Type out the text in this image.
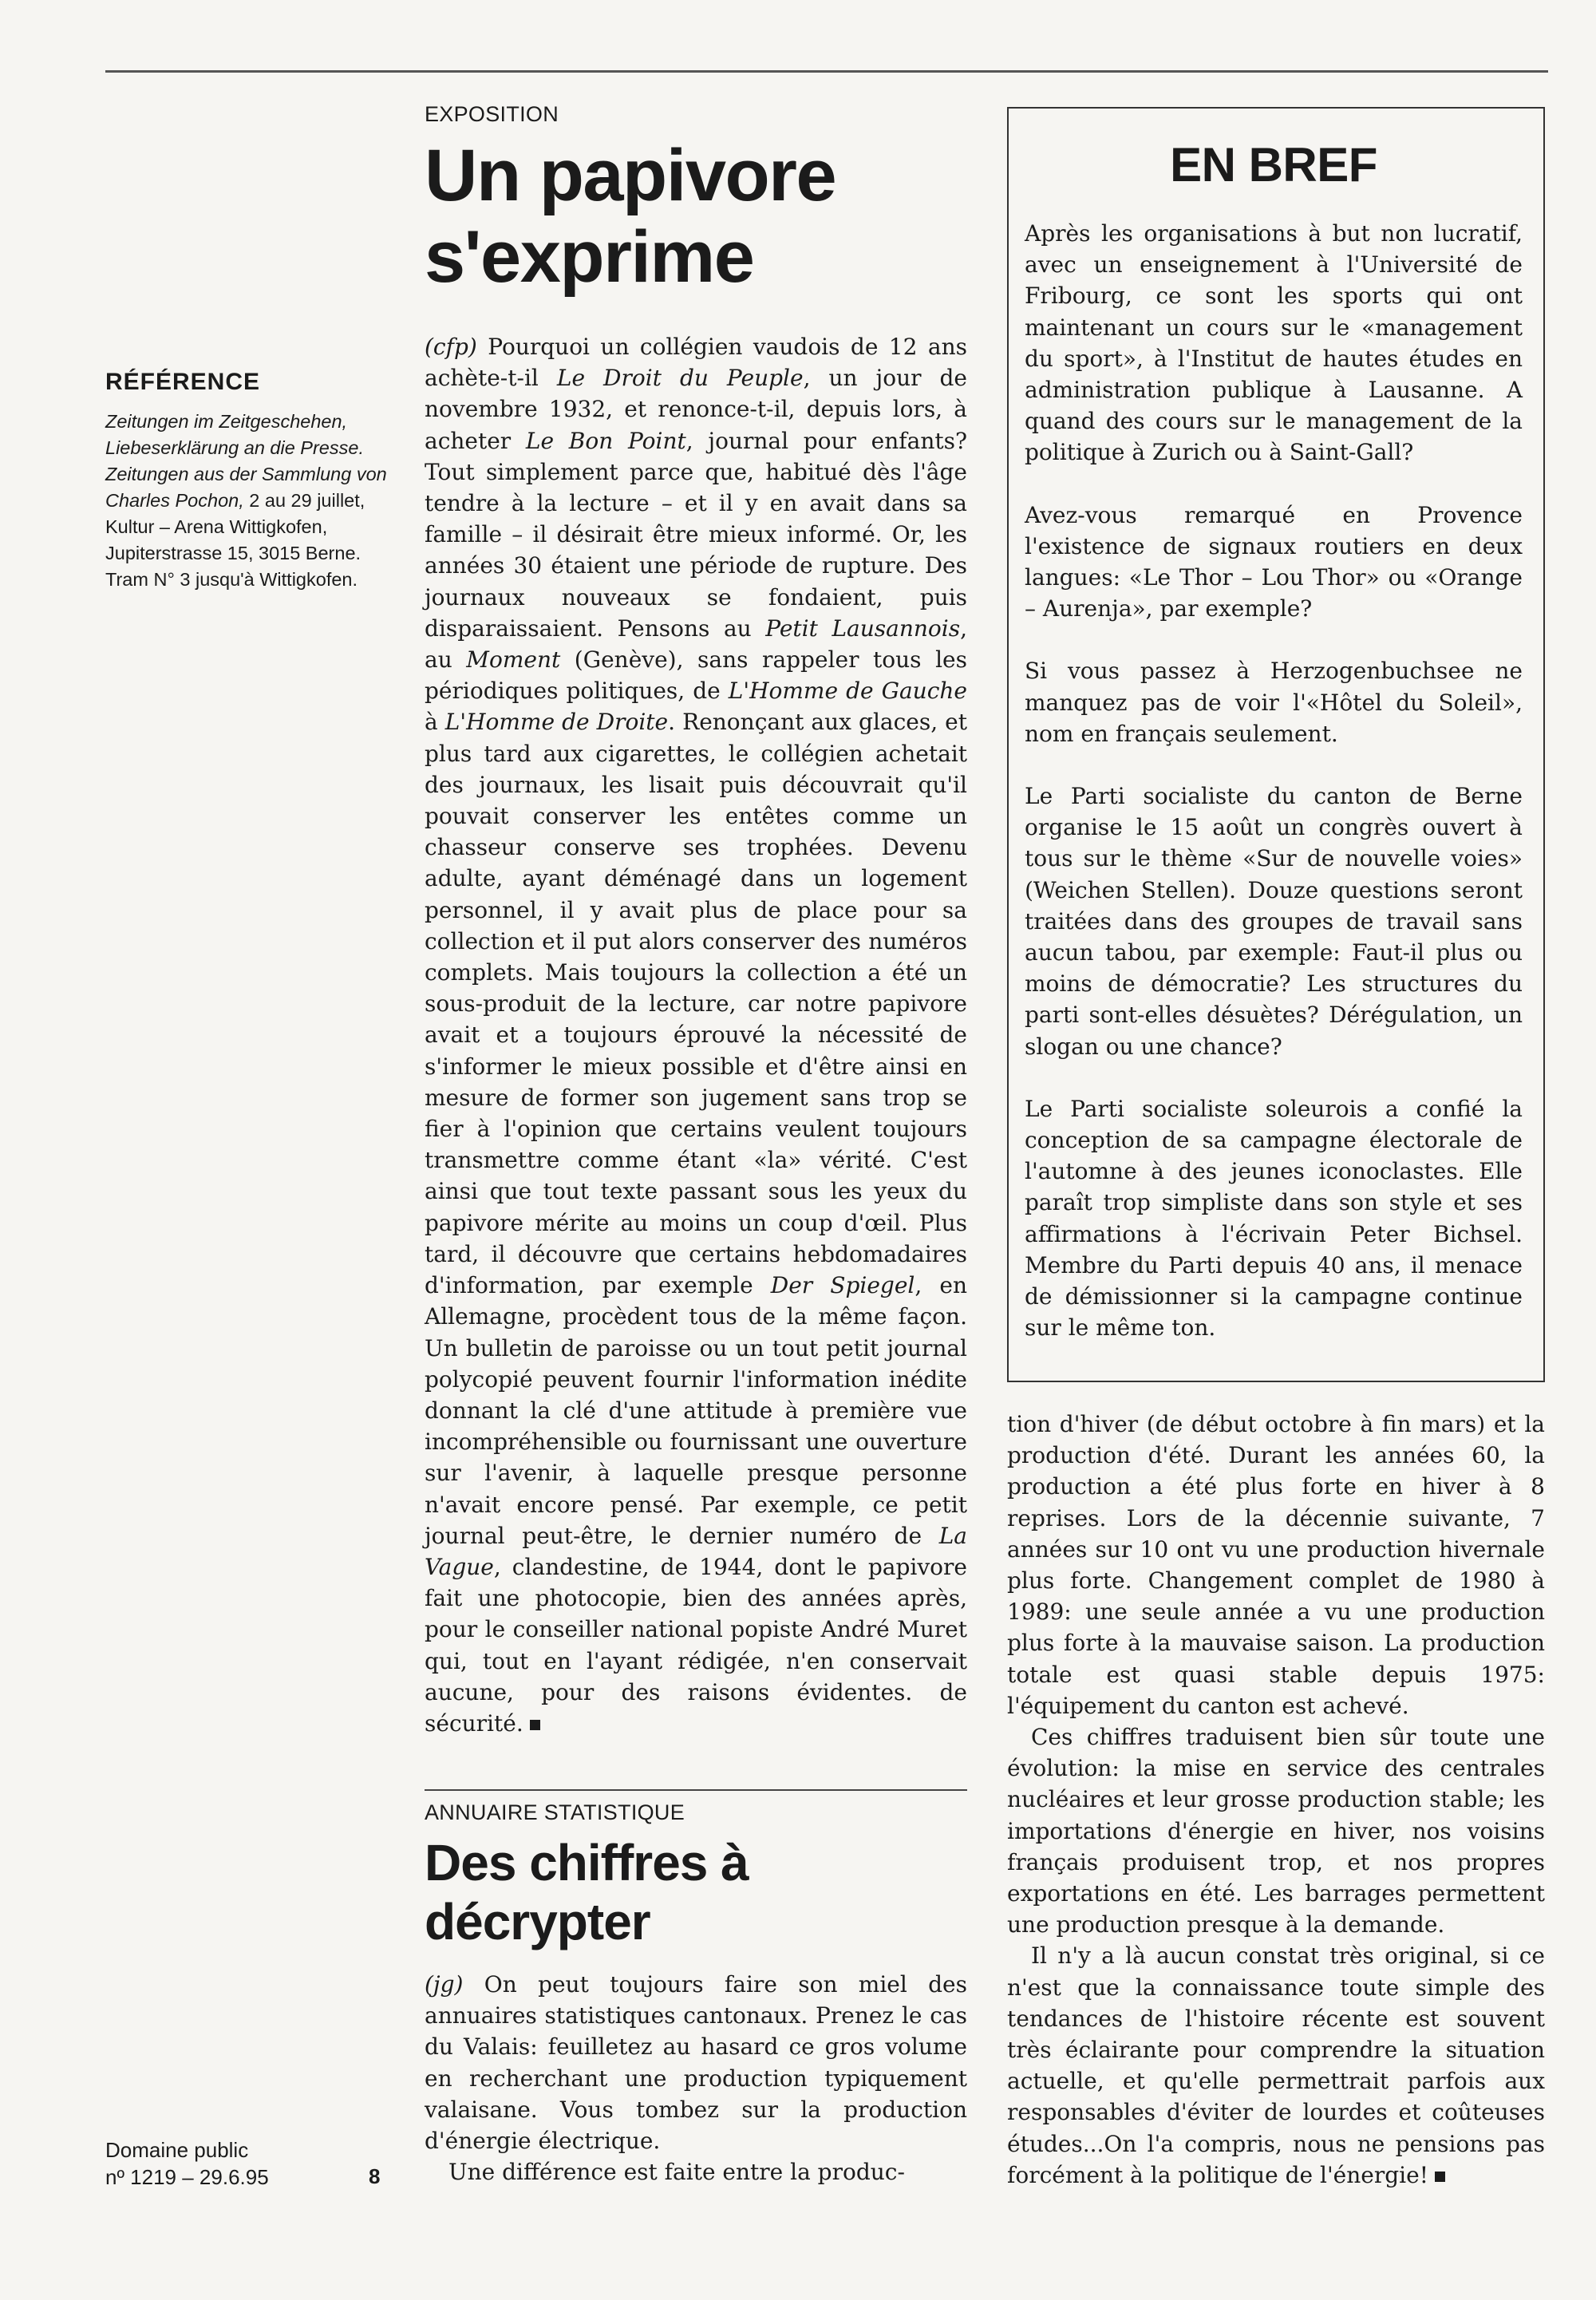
RÉFÉRENCE
Zeitungen im Zeitgeschehen, Liebeserklärung an die Presse. Zeitungen aus der Sammlung von Charles Pochon, 2 au 29 juillet, Kultur – Arena Wittigkofen, Jupiterstrasse 15, 3015 Berne. Tram N° 3 jusqu'à Wittigkofen.
Domaine public
nº 1219 – 29.6.95	8
EXPOSITION
Un papivore s'exprime

(cfp) Pourquoi un collégien vaudois de 12 ans achète-t-il Le Droit du Peuple, un jour de novembre 1932, et renonce-t-il, depuis lors, à acheter Le Bon Point, journal pour enfants? Tout simplement parce que, habitué dès l'âge tendre à la lecture – et il y en avait dans sa famille – il désirait être mieux informé. Or, les années 30 étaient une période de rupture. Des journaux nouveaux se fondaient, puis disparaissaient. Pensons au Petit Lausannois, au Moment (Genève), sans rappeler tous les périodiques politiques, de L'Homme de Gauche à L'Homme de Droite. Renonçant aux glaces, et plus tard aux cigarettes, le collégien achetait des journaux, les lisait puis découvrait qu'il pouvait conserver les entêtes comme un chasseur conserve ses trophées. Devenu adulte, ayant déménagé dans un logement personnel, il y avait plus de place pour sa collection et il put alors conserver des numéros complets. Mais toujours la collection a été un sous-produit de la lecture, car notre papivore avait et a toujours éprouvé la nécessité de s'informer le mieux possible et d'être ainsi en mesure de former son jugement sans trop se fier à l'opinion que certains veulent toujours transmettre comme étant «la» vérité. C'est ainsi que tout texte passant sous les yeux du papivore mérite au moins un coup d'œil. Plus tard, il découvre que certains hebdomadaires d'information, par exemple Der Spiegel, en Allemagne, procèdent tous de la même façon. Un bulletin de paroisse ou un tout petit journal polycopié peuvent fournir l'information inédite donnant la clé d'une attitude à première vue incompréhensible ou fournissant une ouverture sur l'avenir, à laquelle presque personne n'avait encore pensé. Par exemple, ce petit journal peut-être, le dernier numéro de La Vague, clandestine, de 1944, dont le papivore fait une photocopie, bien des années après, pour le conseiller national popiste André Muret qui, tout en l'ayant rédigée, n'en conservait aucune, pour des raisons évidentes. de sécurité.

ANNUAIRE STATISTIQUE
Des chiffres à décrypter

(jg) On peut toujours faire son miel des annuaires statistiques cantonaux. Prenez le cas du Valais: feuilletez au hasard ce gros volume en recherchant une production typiquement valaisane. Vous tombez sur la production d'énergie électrique.

Une différence est faite entre la produc-

EN BREF

Après les organisations à but non lucratif, avec un enseignement à l'Université de Fribourg, ce sont les sports qui ont maintenant un cours sur le «management du sport», à l'Institut de hautes études en administration publique à Lausanne. A quand des cours sur le management de la politique à Zurich ou à Saint-Gall?

Avez-vous remarqué en Provence l'existence de signaux routiers en deux langues: «Le Thor – Lou Thor» ou «Orange – Aurenja», par exemple?

Si vous passez à Herzogenbuchsee ne manquez pas de voir l'«Hôtel du Soleil», nom en français seulement.

Le Parti socialiste du canton de Berne organise le 15 août un congrès ouvert à tous sur le thème «Sur de nouvelle voies» (Weichen Stellen). Douze questions seront traitées dans des groupes de travail sans aucun tabou, par exemple: Faut-il plus ou moins de démocratie? Les structures du parti sont-elles désuètes? Dérégulation, un slogan ou une chance?

Le Parti socialiste soleurois a confié la conception de sa campagne électorale de l'automne à des jeunes iconoclastes. Elle paraît trop simpliste dans son style et ses affirmations à l'écrivain Peter Bichsel. Membre du Parti depuis 40 ans, il menace de démissionner si la campagne continue sur le même ton.

tion d'hiver (de début octobre à fin mars) et la production d'été. Durant les années 60, la production a été plus forte en hiver à 8 reprises. Lors de la décennie suivante, 7 années sur 10 ont vu une production hivernale plus forte. Changement complet de 1980 à 1989: une seule année a vu une production plus forte à la mauvaise saison. La production totale est quasi stable depuis 1975: l'équipement du canton est achevé.

Ces chiffres traduisent bien sûr toute une évolution: la mise en service des centrales nucléaires et leur grosse production stable; les importations d'énergie en hiver, nos voisins français produisent trop, et nos propres exportations en été. Les barrages permettent une production presque à la demande.

Il n'y a là aucun constat très original, si ce n'est que la connaissance toute simple des tendances de l'histoire récente est souvent très éclairante pour comprendre la situation actuelle, et qu'elle permettrait parfois aux responsables d'éviter de lourdes et coûteuses études...On l'a compris, nous ne pensions pas forcément à la politique de l'énergie!
